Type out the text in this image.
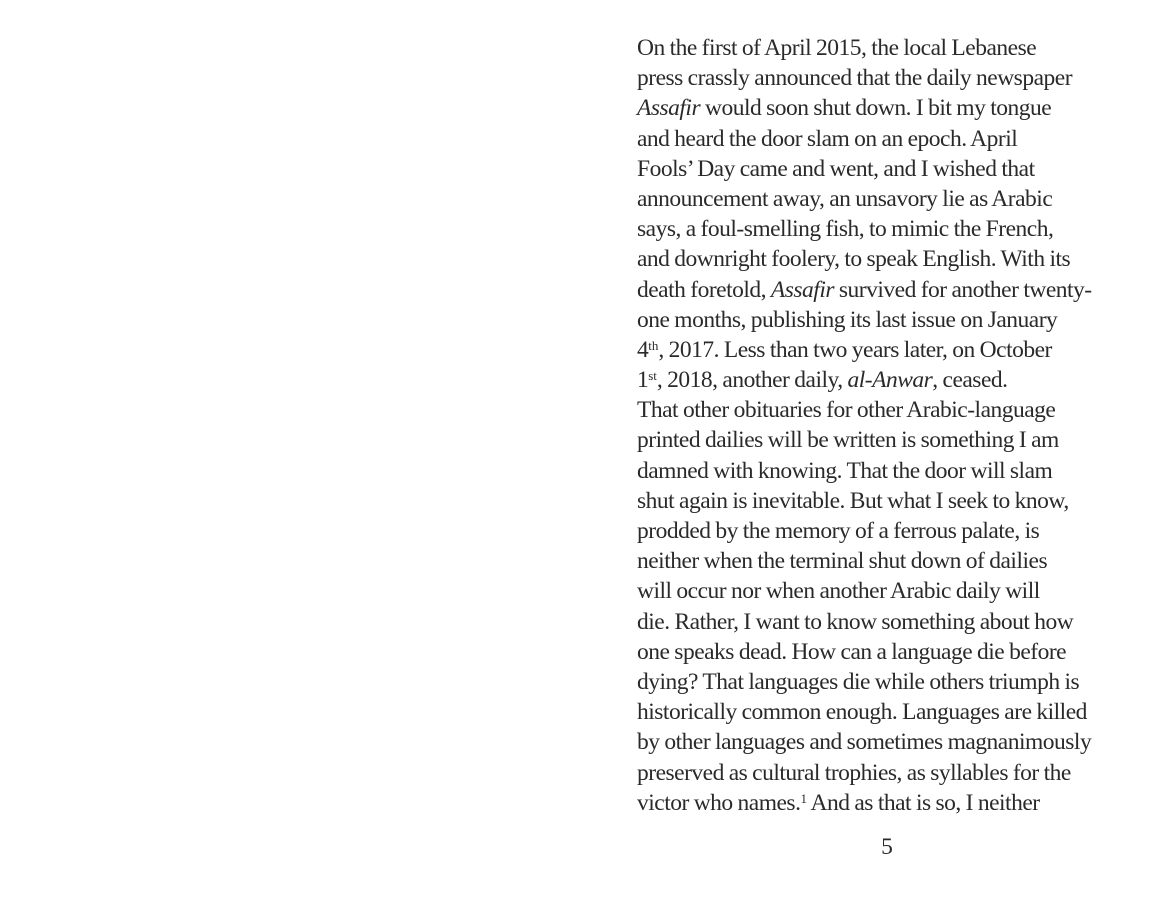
On the first of April 2015, the local Lebanese
press crassly announced that the daily newspaper
Assafir would soon shut down. I bit my tongue
and heard the door slam on an epoch. April
Fools’ Day came and went, and I wished that
announcement away, an unsavory lie as Arabic
says, a foul-smelling fish, to mimic the French,
and downright foolery, to speak English. With its
death foretold, Assafir survived for another twenty-
one months, publishing its last issue on January
4th, 2017. Less than two years later, on October
1st, 2018, another daily, al-Anwar, ceased.
That other obituaries for other Arabic-language
printed dailies will be written is something I am
damned with knowing. That the door will slam
shut again is inevitable. But what I seek to know,
prodded by the memory of a ferrous palate, is
neither when the terminal shut down of dailies
will occur nor when another Arabic daily will
die. Rather, I want to know something about how
one speaks dead. How can a language die before
dying? That languages die while others triumph is
historically common enough. Languages are killed
by other languages and sometimes magnanimously
preserved as cultural trophies, as syllables for the
victor who names.$^1$ And as that is so, I neither
5
